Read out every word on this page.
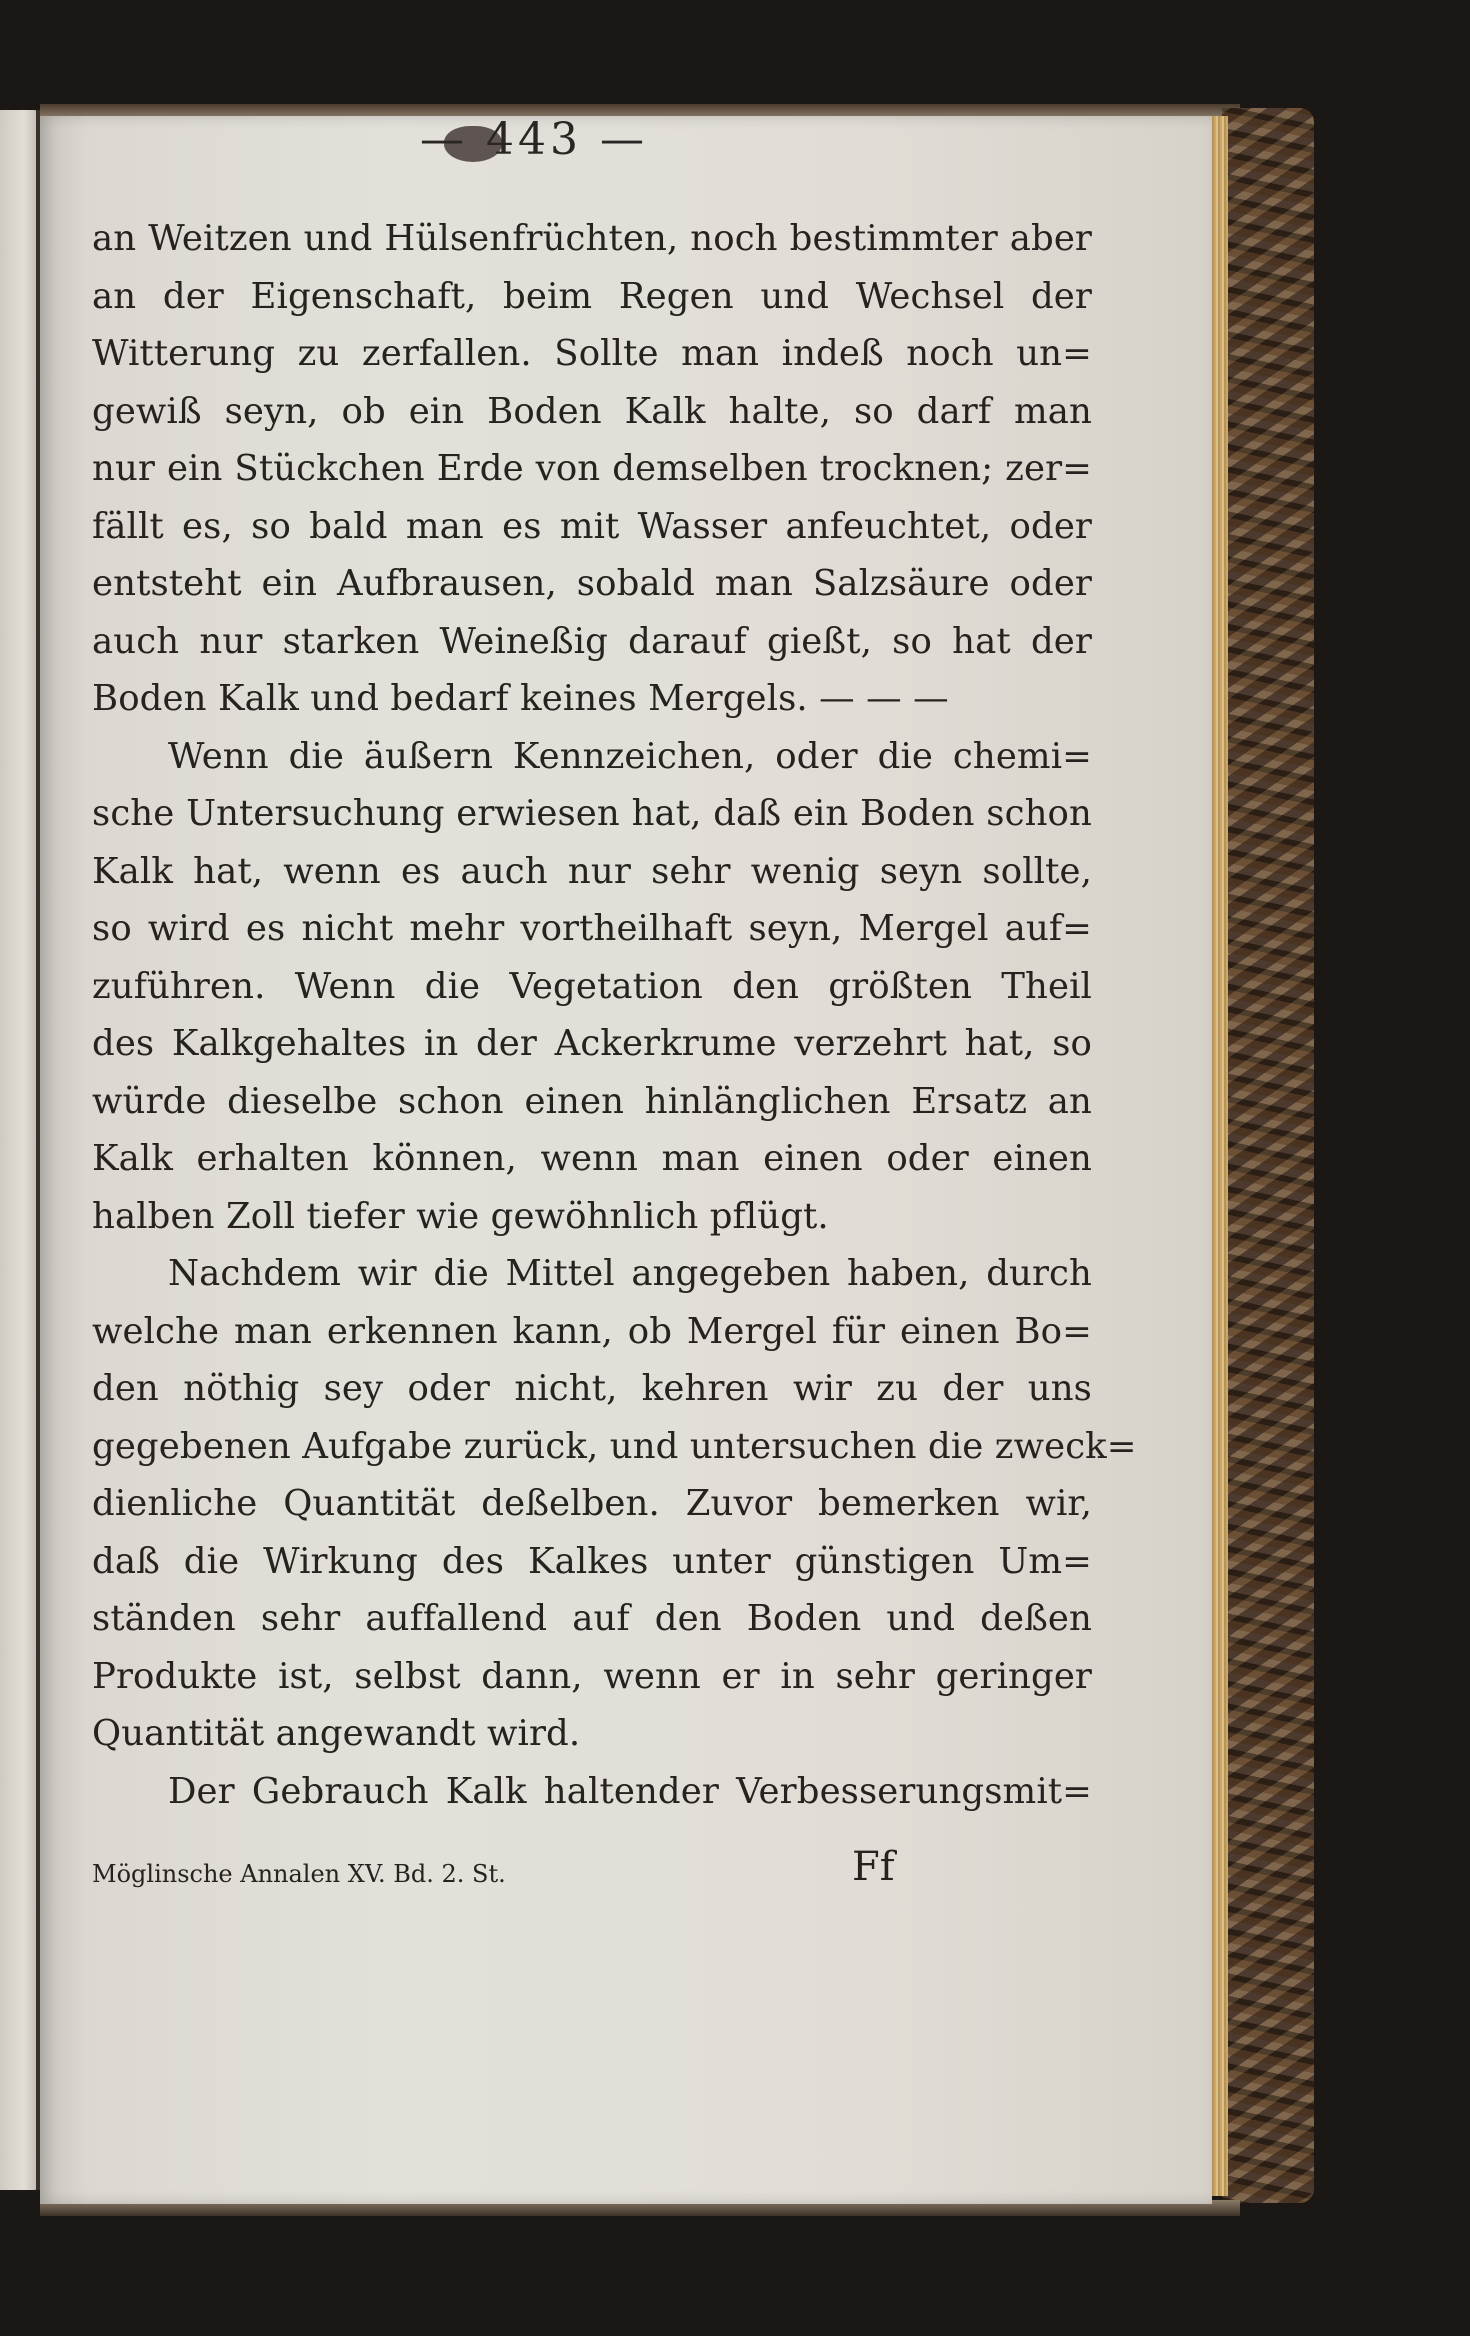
— 443 —
an Weitzen und Hülsenfrüchten, noch bestimmter aber
an der Eigenschaft, beim Regen und Wechsel der
Witterung zu zerfallen. Sollte man indeß noch un=
gewiß seyn, ob ein Boden Kalk halte, so darf man
nur ein Stückchen Erde von demselben trocknen; zer=
fällt es, so bald man es mit Wasser anfeuchtet, oder
entsteht ein Aufbrausen, sobald man Salzsäure oder
auch nur starken Weineßig darauf gießt, so hat der
Boden Kalk und bedarf keines Mergels. — — —
Wenn die äußern Kennzeichen, oder die chemi=
sche Untersuchung erwiesen hat, daß ein Boden schon
Kalk hat, wenn es auch nur sehr wenig seyn sollte,
so wird es nicht mehr vortheilhaft seyn, Mergel auf=
zuführen. Wenn die Vegetation den größten Theil
des Kalkgehaltes in der Ackerkrume verzehrt hat, so
würde dieselbe schon einen hinlänglichen Ersatz an
Kalk erhalten können, wenn man einen oder einen
halben Zoll tiefer wie gewöhnlich pflügt.
Nachdem wir die Mittel angegeben haben, durch
welche man erkennen kann, ob Mergel für einen Bo=
den nöthig sey oder nicht, kehren wir zu der uns
gegebenen Aufgabe zurück, und untersuchen die zweck=
dienliche Quantität deßelben. Zuvor bemerken wir,
daß die Wirkung des Kalkes unter günstigen Um=
ständen sehr auffallend auf den Boden und deßen
Produkte ist, selbst dann, wenn er in sehr geringer
Quantität angewandt wird.
Der Gebrauch Kalk haltender Verbesserungsmit=
Möglinsche Annalen XV. Bd. 2. St.	Ff
